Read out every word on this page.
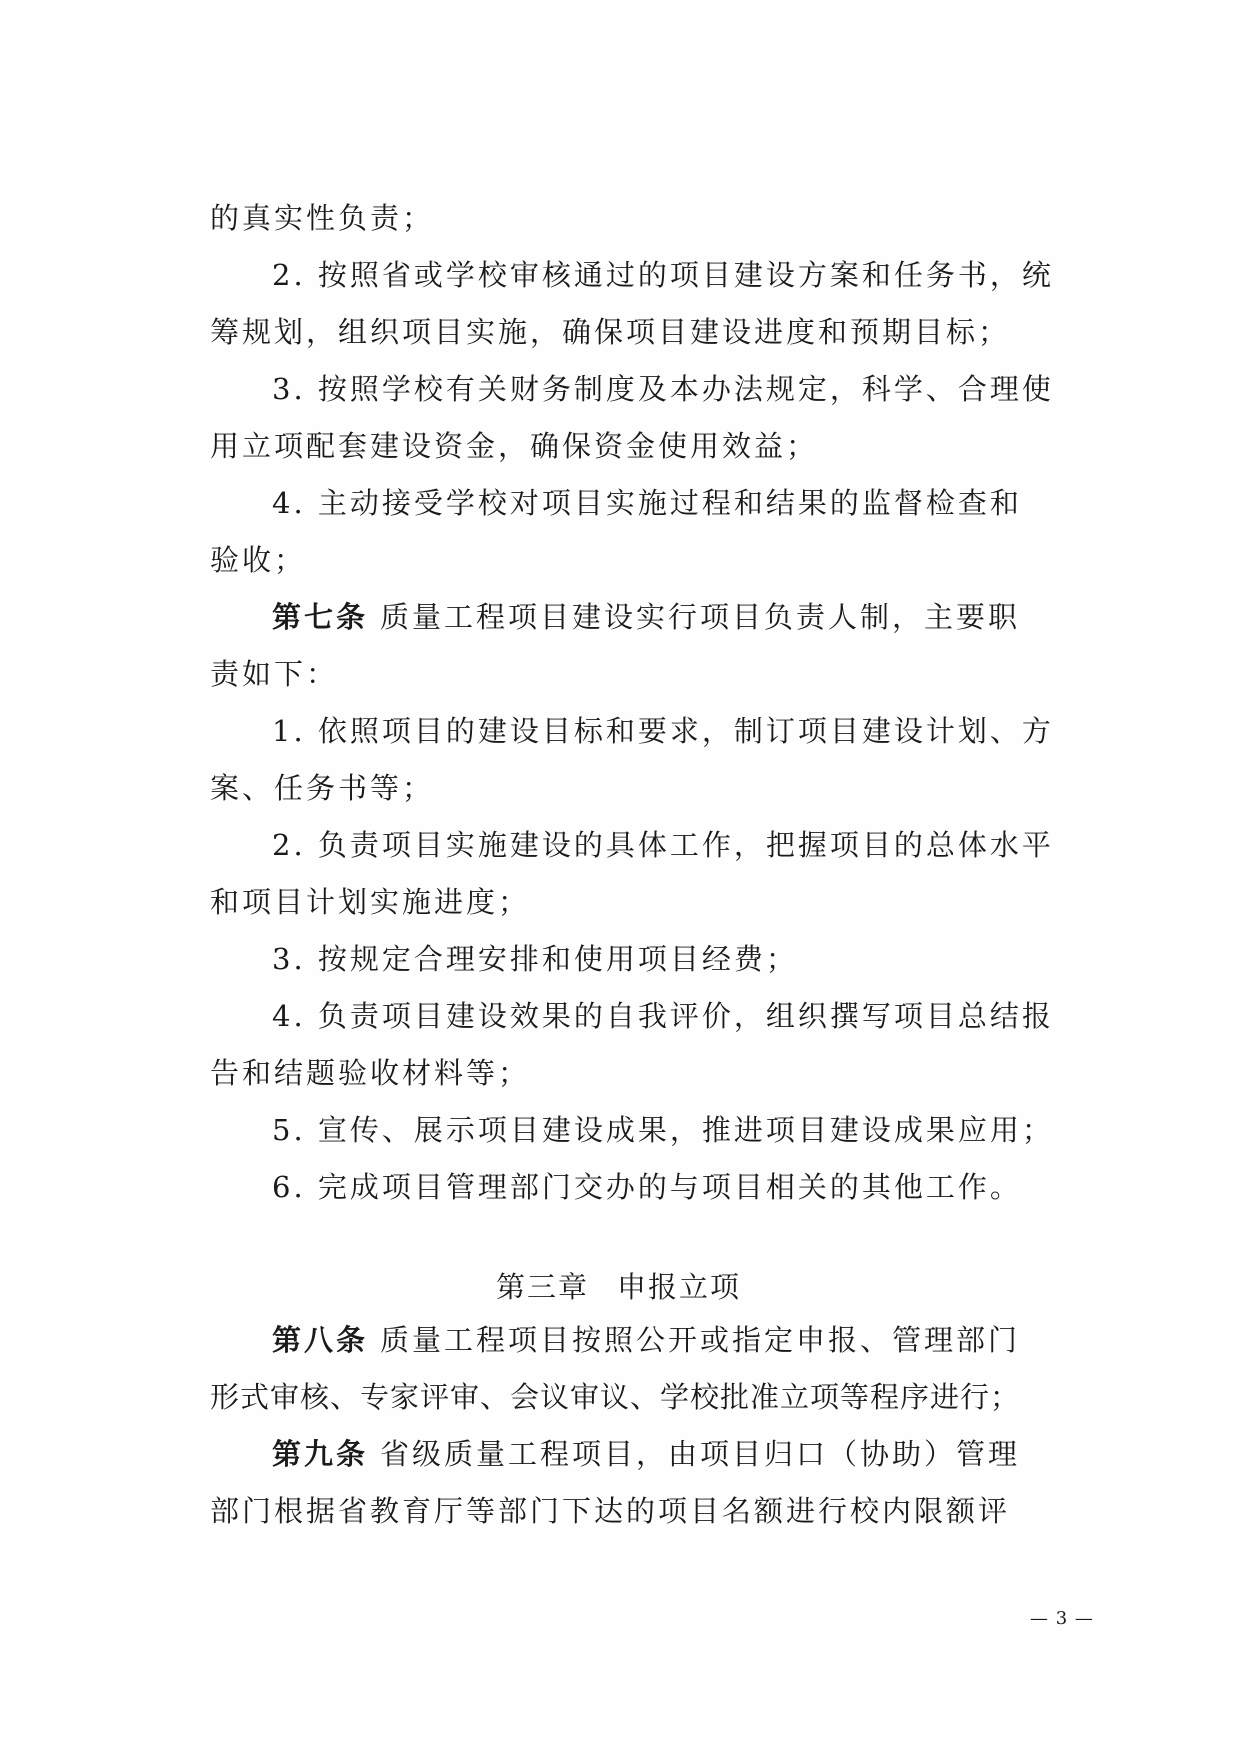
的真实性负责；
2. 按照省或学校审核通过的项目建设方案和任务书，统
筹规划，组织项目实施，确保项目建设进度和预期目标；
3. 按照学校有关财务制度及本办法规定，科学、合理使
用立项配套建设资金，确保资金使用效益；
4. 主动接受学校对项目实施过程和结果的监督检查和
验收；
第七条 质量工程项目建设实行项目负责人制，主要职
责如下：
1. 依照项目的建设目标和要求，制订项目建设计划、方
案、任务书等；
2. 负责项目实施建设的具体工作，把握项目的总体水平
和项目计划实施进度；
3. 按规定合理安排和使用项目经费；
4. 负责项目建设效果的自我评价，组织撰写项目总结报
告和结题验收材料等；
5. 宣传、展示项目建设成果，推进项目建设成果应用；
6. 完成项目管理部门交办的与项目相关的其他工作。
第三章 申报立项
第八条 质量工程项目按照公开或指定申报、管理部门
形式审核、专家评审、会议审议、学校批准立项等程序进行；
第九条 省级质量工程项目，由项目归口（协助）管理
部门根据省教育厅等部门下达的项目名额进行校内限额评
— 3 —
